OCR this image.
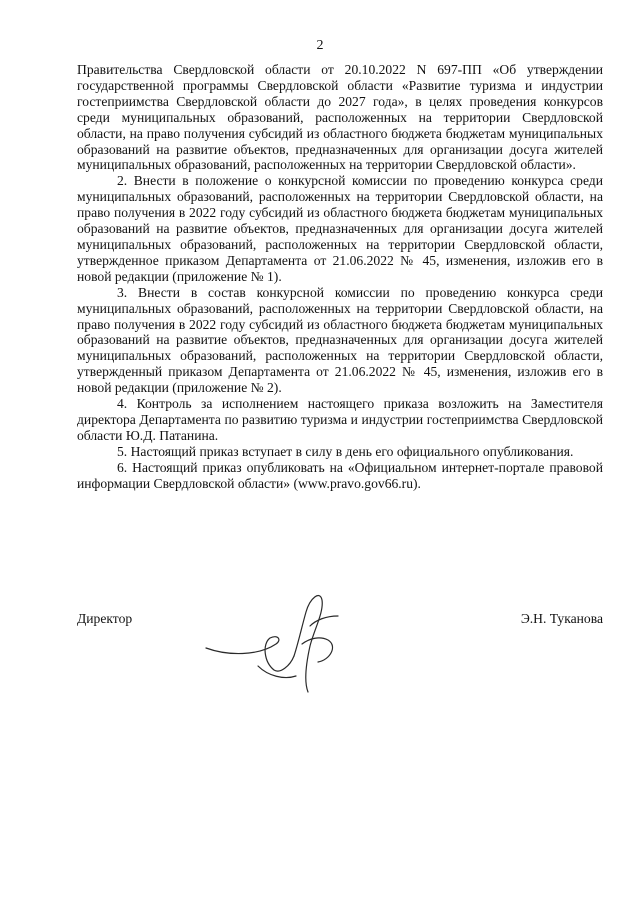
2

Правительства Свердловской области от 20.10.2022 N 697-ПП «Об утверждении государственной программы Свердловской области «Развитие туризма и индустрии гостеприимства Свердловской области до 2027 года», в целях проведения конкурсов среди муниципальных образований, расположенных на территории Свердловской области, на право получения субсидий из областного бюджета бюджетам муниципальных образований на развитие объектов, предназначенных для организации досуга жителей муниципальных образований, расположенных на территории Свердловской области».

2. Внести в положение о конкурсной комиссии по проведению конкурса среди муниципальных образований, расположенных на территории Свердловской области, на право получения в 2022 году субсидий из областного бюджета бюджетам муниципальных образований на развитие объектов, предназначенных для организации досуга жителей муниципальных образований, расположенных на территории Свердловской области, утвержденное приказом Департамента от 21.06.2022 № 45, изменения, изложив его в новой редакции (приложение № 1).

3. Внести в состав конкурсной комиссии по проведению конкурса среди муниципальных образований, расположенных на территории Свердловской области, на право получения в 2022 году субсидий из областного бюджета бюджетам муниципальных образований на развитие объектов, предназначенных для организации досуга жителей муниципальных образований, расположенных на территории Свердловской области, утвержденный приказом Департамента от 21.06.2022 № 45, изменения, изложив его в новой редакции (приложение № 2).

4. Контроль за исполнением настоящего приказа возложить на Заместителя директора Департамента по развитию туризма и индустрии гостеприимства Свердловской области Ю.Д. Патанина.

5. Настоящий приказ вступает в силу в день его официального опубликования.

6. Настоящий приказ опубликовать на «Официальном интернет-портале правовой информации Свердловской области» (www.pravo.gov66.ru).

Директор	Э.Н. Туканова
